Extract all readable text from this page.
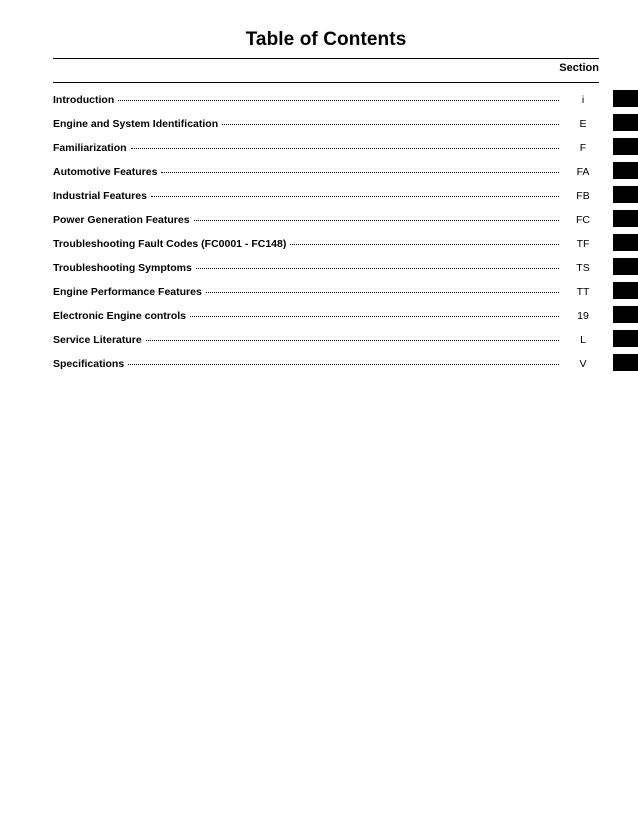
Table of Contents
Section
Introduction	i
Engine and System Identification	E
Familiarization	F
Automotive Features	FA
Industrial Features	FB
Power Generation Features	FC
Troubleshooting Fault Codes (FC0001 - FC148)	TF
Troubleshooting Symptoms	TS
Engine Performance Features	TT
Electronic Engine controls	19
Service Literature	L
Specifications	V
